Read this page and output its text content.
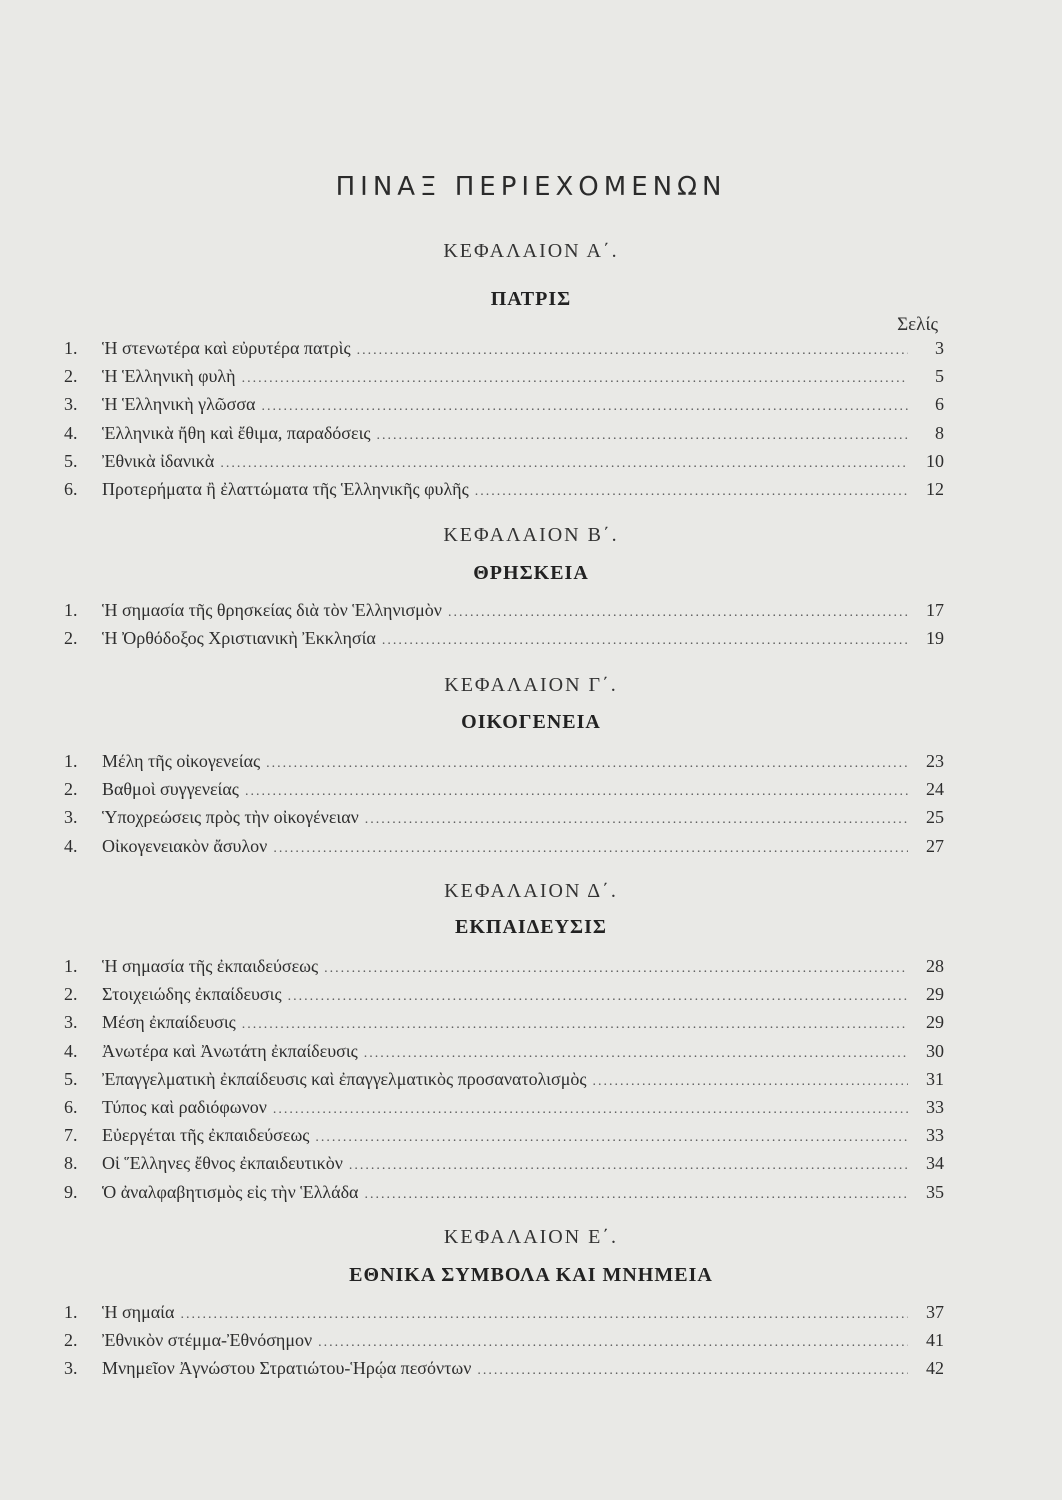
ΠΙΝΑΞ ΠΕΡΙΕΧΟΜΕΝΩΝ
ΚΕΦΑΛΑΙΟΝ Α΄.
ΠΑΤΡΙΣ
Σελίς
1.	Ἡ στενωτέρα καὶ εὐρυτέρα πατρὶς .....	3
2.	Ἡ Ἑλληνικὴ φυλὴ .....	5
3.	Ἡ Ἑλληνικὴ γλῶσσα .....	6
4.	Ἑλληνικὰ ἤθη καὶ ἔθιμα, παραδόσεις .....	8
5.	Ἐθνικὰ ἰδανικὰ .....	10
6.	Προτερήματα ἢ ἐλαττώματα τῆς Ἑλληνικῆς φυλῆς .....	12
ΚΕΦΑΛΑΙΟΝ Β΄.
ΘΡΗΣΚΕΙΑ
1.	Ἡ σημασία τῆς θρησκείας διὰ τὸν Ἑλληνισμὸν .....	17
2.	Ἡ Ὀρθόδοξος Χριστιανικὴ Ἐκκλησία .....	19
ΚΕΦΑΛΑΙΟΝ Γ΄.
ΟΙΚΟΓΕΝΕΙΑ
1.	Μέλη τῆς οἰκογενείας .....	23
2.	Βαθμοὶ συγγενείας .....	24
3.	Ὑποχρεώσεις πρὸς τὴν οἰκογένειαν .....	25
4.	Οἰκογενειακὸν ἄσυλον .....	27
ΚΕΦΑΛΑΙΟΝ Δ΄.
ΕΚΠΑΙΔΕΥΣΙΣ
1.	Ἡ σημασία τῆς ἐκπαιδεύσεως .....	28
2.	Στοιχειώδης ἐκπαίδευσις .....	29
3.	Μέση ἐκπαίδευσις .....	29
4.	Ἀνωτέρα καὶ Ἀνωτάτη ἐκπαίδευσις .....	30
5.	Ἐπαγγελματικὴ ἐκπαίδευσις καὶ ἐπαγγελματικὸς προσανατολισμὸς .....	31
6.	Τύπος καὶ ραδιόφωνον .....	33
7.	Εὐεργέται τῆς ἐκπαιδεύσεως .....	33
8.	Οἱ Ἕλληνες ἔθνος ἐκπαιδευτικὸν .....	34
9.	Ὁ ἀναλφαβητισμὸς εἰς τὴν Ἑλλάδα .....	35
ΚΕΦΑΛΑΙΟΝ Ε΄.
ΕΘΝΙΚΑ ΣΥΜΒΟΛΑ ΚΑΙ ΜΝΗΜΕΙΑ
1.	Ἡ σημαία .....	37
2.	Ἐθνικὸν στέμμα-Ἐθνόσημον .....	41
3.	Μνημεῖον Ἀγνώστου Στρατιώτου-Ἡρῴα πεσόντων .....	42
